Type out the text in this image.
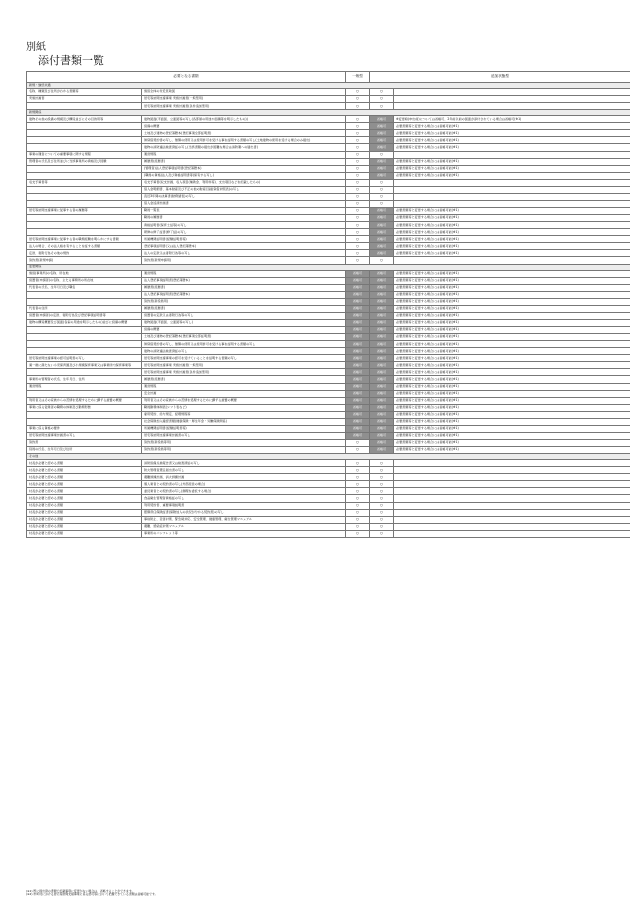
別紙
添付書類一覧
必要となる書類		一般型	追加状態型	
新規・継続共通				
名称、種類及び住所がわかる書類等	施設全体の付近見取図	○	○	
実施計画書	居宅等訪問支援事業 実施計画書(一般型用)	○	○	
	居宅等訪問支援事業 実施計画書(条件追加型用)	○	○	
新規関係				
建物その他の設備の規模及び構造並びにその目的用等	建物図面(平面図、立面図等の写し(各部屋の用途や面積等を明示したもの))	○	省略可	※変更時(申出前)については省略可、2年前以前の図面が添付されている場合は省略可(※1)
	設備の概要	○	省略可	必要書類等と変更する場合には省略可能(※1)
	土地及び建物の登記簿謄本(登記事項全部証明書)	○	省略可	必要書類等と変更する場合には省略可能(※1)
	賃貸借契約書の写し、無償の使用又は使用許可を受ける事を証明する書類の写し(土地建物の使用を受ける場合のみ提出)	○	省略可	必要書類等と変更する場合には省略可能(※1)
	建物の消防適法検査済証の写し(当該書類の提出が困難な場合は消防署への届出書)	○	省略可	必要書類等と変更する場合には省略可能(※1)
事業の運営についての重要事項に関する規程	運営規程	○	○	
管理者の氏名及び住所並びに当該事業所の資格及び経験	履歴書(経歴書)	○	省略可	必要書類等と変更する場合には省略可能(※1)
	(管理者)法人登記事項証明書(登記簿謄本)	○	省略可	必要書類等と変更する場合には省略可能(※1)
	(職員の資格)法人及び資格証明書等(保有する写し)	○	省略可	必要書類等と変更する場合には省略可能(※1)
収支予算書等	収支予算書(収支計画、収入項目(補助金、利用料等)、支出項目などを記載したもの)	○	○	
	借入金明細書、基本財産及び不正の他の財産目録(貸借対照表)の写し	○	○	
	直近3年間の決算書(財務諸表)の写し	○	○	
	借入金返済計画書	○	○	
居宅等訪問支援事業に従事する者の履歴等	職員一覧表	○	省略可	必要書類等と変更する場合には省略可能(※1)
	職員の履歴書	○	省略可	必要書類等と変更する場合には省略可能(※1)
	資格証明書(保育士証等)の写し	○	省略可	必要書類等と変更する場合には省略可能(※1)
	研修の修了証書(修了証)の写し	○	省略可	必要書類等と変更する場合には省略可能(※1)
居宅等訪問支援事業に従事する者の職務経験を明らかにする書類	所属機関証明書(経験証明書等)	○	省略可	必要書類等と変更する場合には省略可能(※1)
法人の場合、その法人格を有することを証する書類	登記事項証明書(又は法人登記簿謄本)	○	省略可	必要書類等と変更する場合には省略可能(※1)
定款、寄附行為その他の規約	法人の定款又は寄附行為等の写し	○	省略可	必要書類等と変更する場合には省略可能(※1)
誓約書(新規申請)	誓約書(新規申請用)	○	○	
変更関係				
施設(事業所)の名称、所在地	運営規程	省略可	省略可	必要書類等と変更する場合には省略可能(※1)
設置者(申請者)の名称、主たる事務所の所在地	法人登記事項証明書(登記簿謄本)	省略可	省略可	必要書類等と変更する場合には省略可能(※1)
代表者の氏名、生年月日及び職名	履歴書(経歴書)	省略可	省略可	必要書類等と変更する場合には省略可能(※1)
	法人登記事項証明書(登記簿謄本)	省略可	省略可	必要書類等と変更する場合には省略可能(※1)
	誓約書(新役員用)	省略可	省略可	必要書類等と変更する場合には省略可能(※1)
代表者の住所	履歴書(経歴書)	省略可	省略可	必要書類等と変更する場合には省略可能(※1)
設置者(申請者)の定款、寄附行為及び登記事項証明書等	設置者の定款又は寄附行為等の写し	省略可	省略可	必要書類等と変更する場合には省略可能(※1)
建物の構造概要及び図面(各室の用途を明示したもの)並びに設備の概要	建物図面(平面図、立面図等の写し)	省略可	省略可	必要書類等と変更する場合には省略可能(※1)
	設備の概要	省略可	省略可	必要書類等と変更する場合には省略可能(※1)
	土地及び建物の登記簿謄本(登記事項全部証明書)	省略可	省略可	必要書類等と変更する場合には省略可能(※1)
	賃貸借契約書の写し、無償の使用又は使用許可を受ける事を証明する書類の写し	省略可	省略可	必要書類等と変更する場合には省略可能(※1)
	建物の消防適法検査済証の写し	省略可	省略可	必要書類等と変更する場合には省略可能(※1)
居宅等訪問支援事業の認可証明書の写し	居宅等訪問支援事業の認可を受けていることを証明する書類の写し	省略可	省略可	必要書類等と変更する場合には省略可能(※1)
満一歳に満たない小児保育園及び小規模保育事業又は事業所内保育事業等	居宅等訪問支援事業 実施計画書(一般型用)	省略可	省略可	必要書類等と変更する場合には省略可能(※1)
	居宅等訪問支援事業 実施計画書(条件追加型用)	省略可	省略可	必要書類等と変更する場合には省略可能(※1)
事業所の管理者の氏名、生年月日、住所	履歴書(経歴書)	省略可	省略可	必要書類等と変更する場合には省略可能(※1)
運営規程	運営規程	省略可	省略可	必要書類等と変更する場合には省略可能(※1)
	安全計画	省略可	省略可	必要書類等と変更する場合には省略可能(※1)
利用者又はその家族からの苦情を処理するために講ずる措置の概要	利用者又はその家族からの苦情を処理するために講ずる措置の概要	省略可	省略可	必要書類等と変更する場合には省略可能(※1)
事業に係る従業者の職務の体制及び勤務形態	職員勤務体制表(シフト表など)	省略可	省略可	必要書類等と変更する場合には省略可能(※1)
	雇用契約、給与規定、経理規程等	省略可	省略可	必要書類等と変更する場合には省略可能(※1)
	社会保険加入確認書類(健康保険・厚生年金・労働保険関係)	省略可	省略可	必要書類等と変更する場合には省略可能(※1)
事業に係る資格の要件	所属機関証明書(経験証明書等)	省略可	省略可	必要書類等と変更する場合には省略可能(※1)
居宅等訪問支援事業計画書の写し	居宅等訪問支援事業計画書の写し	省略可	省略可	必要書類等と変更する場合には省略可能(※1)
誓約書	誓約書(新役員等用)	○	省略可	必要書類等と変更する場合には省略可能(※1)
役員の氏名、生年月日及び住所	誓約書(新役員等用)	○	省略可	必要書類等と変更する場合には省略可能(※1)
その他				
村長が必要と認める書類	消防設備点検報告書又は検査済証の写し	○	○	
村長が必要と認める書類	防火管理者選任届出書の写し	○	○	
村長が必要と認める書類	避難訓練計画、消火訓練計画	○	○	
村長が必要と認める書類	個人業者との契約書の写し(外部経営の場合)	○	○	
村長が必要と認める書類	委託業者との契約書の写し(調理を委託する場合)	○	○	
村長が必要と認める書類	食品衛生管理者資格証の写し	○	○	
村長が必要と認める書類	利用契約書、重要事項説明書	○	○	
村長が必要と認める書類	賠償責任保険証書(保険加入の状況が分かる契約書)の写し	○	○	
村長が必要と認める書類	事故防止、災害対策、緊急時対応、安全管理、健康管理、衛生管理マニュアル	○	○	
村長が必要と認める書類	避難、感染症対策マニュアル	○	○	
村長が必要と認める書類	事業所のパンフレット等	○	○	
(※1) 既に提出済の書類で記載事項に変更がない場合は、省略することができます。
(※2) 市町村における居宅等訪問支援事業に係る認可等において把握できている書類は省略可能です。
